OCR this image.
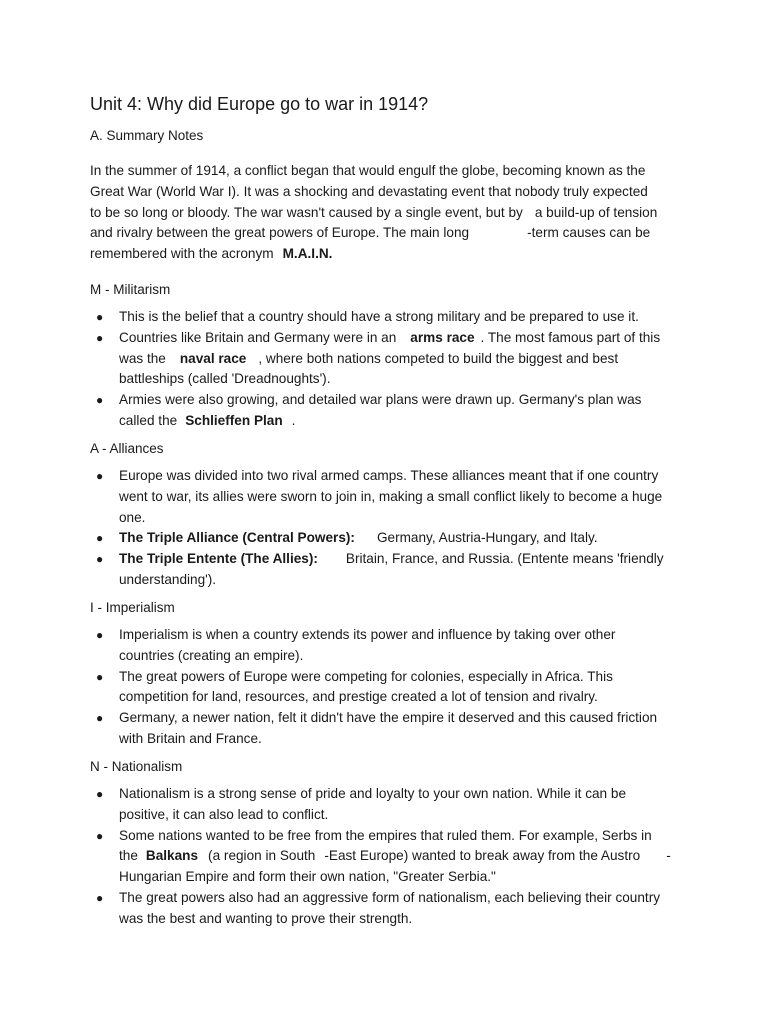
Unit 4: Why did Europe go to war in 1914?
A. Summary Notes
In the summer of 1914, a conflict began that would engulf the globe, becoming known as the
Great War (World War I). It was a shocking and devastating event that nobody truly expected
to be so long or bloody. The war wasn't caused by a single event, but by a build-up of tension
and rivalry between the great powers of Europe. The main long	-term causes can be
remembered with the acronym M.A.I.N.
M - Militarism
● This is the belief that a country should have a strong military and be prepared to use it.
● Countries like Britain and Germany were in an arms race . The most famous part of this
was the naval race , where both nations competed to build the biggest and best
battleships (called 'Dreadnoughts').
● Armies were also growing, and detailed war plans were drawn up. Germany's plan was
called the Schlieffen Plan .
A - Alliances
● Europe was divided into two rival armed camps. These alliances meant that if one country
went to war, its allies were sworn to join in, making a small conflict likely to become a huge
one.
● The Triple Alliance (Central Powers): Germany, Austria-Hungary, and Italy.
● The Triple Entente (The Allies): Britain, France, and Russia. (Entente means 'friendly
understanding').
I - Imperialism
● Imperialism is when a country extends its power and influence by taking over other
countries (creating an empire).
● The great powers of Europe were competing for colonies, especially in Africa. This
competition for land, resources, and prestige created a lot of tension and rivalry.
● Germany, a newer nation, felt it didn't have the empire it deserved and this caused friction
with Britain and France.
N - Nationalism
● Nationalism is a strong sense of pride and loyalty to your own nation. While it can be
positive, it can also lead to conflict.
● Some nations wanted to be free from the empires that ruled them. For example, Serbs in
the Balkans (a region in South -East Europe) wanted to break away from the Austro -
Hungarian Empire and form their own nation, "Greater Serbia."
● The great powers also had an aggressive form of nationalism, each believing their country
was the best and wanting to prove their strength.
